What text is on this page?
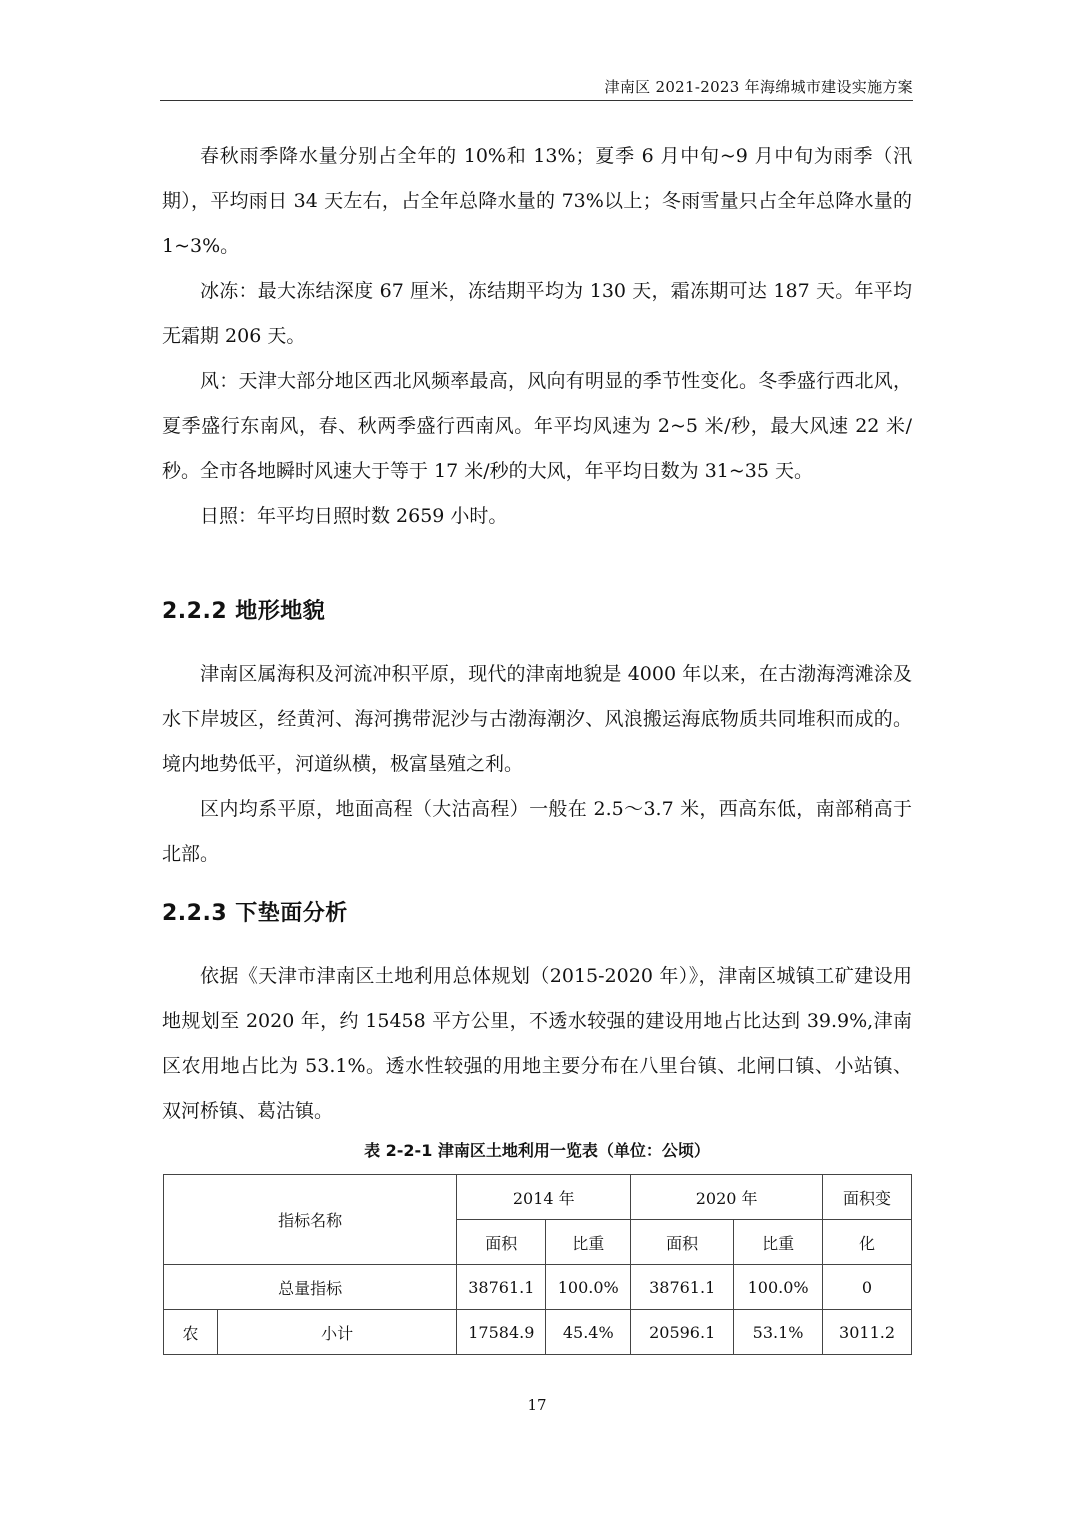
津南区 2021-2023 年海绵城市建设实施方案

春秋雨季降水量分别占全年的 10%和 13%；夏季 6 月中旬~9 月中旬为雨季（汛期），平均雨日 34 天左右，占全年总降水量的 73%以上；冬雨雪量只占全年总降水量的 1~3%。

冰冻：最大冻结深度 67 厘米，冻结期平均为 130 天，霜冻期可达 187 天。年平均无霜期 206 天。

风：天津大部分地区西北风频率最高，风向有明显的季节性变化。冬季盛行西北风，夏季盛行东南风，春、秋两季盛行西南风。年平均风速为 2~5 米/秒，最大风速 22 米/秒。全市各地瞬时风速大于等于 17 米/秒的大风，年平均日数为 31~35 天。

日照：年平均日照时数 2659 小时。

2.2.2 地形地貌

津南区属海积及河流冲积平原，现代的津南地貌是 4000 年以来，在古渤海湾滩涂及水下岸坡区，经黄河、海河携带泥沙与古渤海潮汐、风浪搬运海底物质共同堆积而成的。境内地势低平，河道纵横，极富垦殖之利。

区内均系平原，地面高程（大沽高程）一般在 2.5～3.7 米，西高东低，南部稍高于北部。

2.2.3 下垫面分析

依据《天津市津南区土地利用总体规划（2015-2020 年）》，津南区城镇工矿建设用地规划至 2020 年，约 15458 平方公里，不透水较强的建设用地占比达到 39.9%,津南区农用地占比为 53.1%。透水性较强的用地主要分布在八里台镇、北闸口镇、小站镇、双河桥镇、葛沽镇。

表 2-2-1 津南区土地利用一览表（单位：公顷）
指标名称		2014 年		2020 年		面积变
		面积	比重	面积	比重	化
总量指标		38761.1	100.0%	38761.1	100.0%	0
农	小计	17584.9	45.4%	20596.1	53.1%	3011.2
17
